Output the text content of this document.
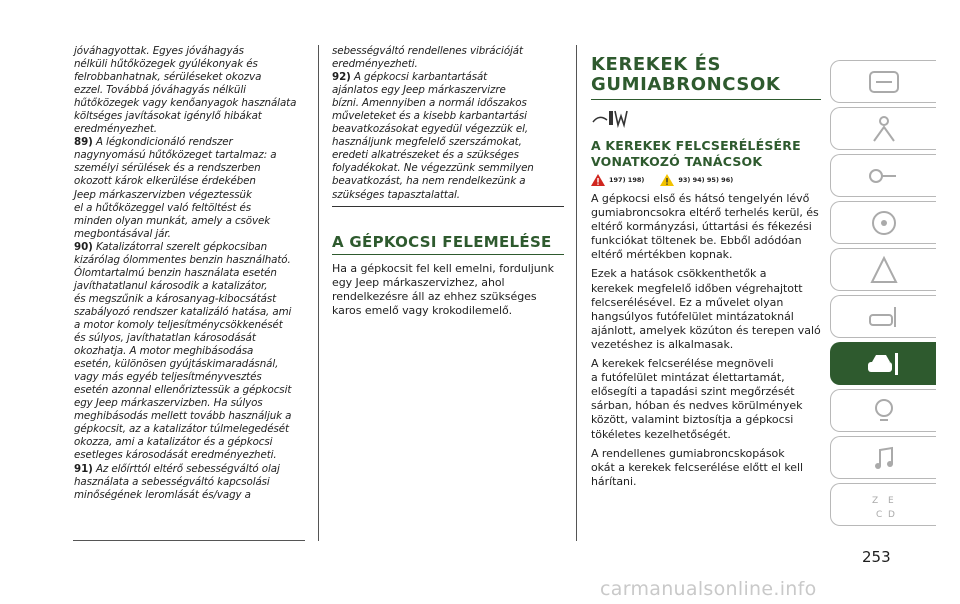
jóváhagyottak. Egyes jóváhagyás
nélküli hűtőközegek gyúlékonyak és
felrobbanhatnak, sérüléseket okozva
ezzel. Továbbá jóváhagyás nélküli
hűtőközegek vagy kenőanyagok használata
költséges javításokat igénylő hibákat
eredményezhet.
89) A légkondicionáló rendszer
nagynyomású hűtőközeget tartalmaz: a
személyi sérülések és a rendszerben
okozott károk elkerülése érdekében
Jeep márkaszervizben végeztessük
el a hűtőközeggel való feltöltést és
minden olyan munkát, amely a csövek
megbontásával jár.
90) Katalizátorral szerelt gépkocsiban
kizárólag ólommentes benzin használható.
Ólomtartalmú benzin használata esetén
javíthatatlanul károsodik a katalizátor,
és megszűnik a károsanyag-kibocsátást
szabályozó rendszer katalizáló hatása, ami
a motor komoly teljesítménycsökkenését
és súlyos, javíthatatlan károsodását
okozhatja. A motor meghibásodása
esetén, különösen gyújtáskimaradásnál,
vagy más egyéb teljesítményvesztés
esetén azonnal ellenőriztessük a gépkocsit
egy Jeep márkaszervizben. Ha súlyos
meghibásodás mellett tovább használjuk a
gépkocsit, az a katalizátor túlmelegedését
okozza, ami a katalizátor és a gépkocsi
esetleges károsodását eredményezheti.
91) Az előírttól eltérő sebességváltó olaj
használata a sebességváltó kapcsolási
minőségének leromlását és/vagy a
sebességváltó rendellenes vibrációját
eredményezheti.
92) A gépkocsi karbantartását
ajánlatos egy Jeep márkaszervizre
bízni. Amennyiben a normál időszakos
műveleteket és a kisebb karbantartási
beavatkozásokat egyedül végezzük el,
használjunk megfelelő szerszámokat,
eredeti alkatrészeket és a szükséges
folyadékokat. Ne végezzünk semmilyen
beavatkozást, ha nem rendelkezünk a
szükséges tapasztalattal.
A GÉPKOCSI FELEMELÉSE
Ha a gépkocsit fel kell emelni, forduljunk
egy Jeep márkaszervizhez, ahol
rendelkezésre áll az ehhez szükséges
karos emelő vagy krokodilemelő.
KEREKEK ÉS
GUMIABRONCSOK
A KEREKEK FELCSERÉLÉSÉRE
VONATKOZÓ TANÁCSOK
197) 198)	93) 94) 95) 96)
A gépkocsi első és hátsó tengelyén lévő
gumiabroncsokra eltérő terhelés kerül, és
eltérő kormányzási, úttartási és fékezési
funkciókat töltenek be. Ebből adódóan
eltérő mértékben kopnak.
Ezek a hatások csökkenthetők a
kerekek megfelelő időben végrehajtott
felcserélésével. Ez a művelet olyan
hangsúlyos futófelület mintázatoknál
ajánlott, amelyek közúton és terepen való
vezetéshez is alkalmasak.
A kerekek felcserélése megnöveli
a futófelület mintázat élettartamát,
elősegíti a tapadási szint megőrzését
sárban, hóban és nedves körülmények
között, valamint biztosítja a gépkocsi
tökéletes kezelhetőségét.
A rendellenes gumiabroncskopások
okát a kerekek felcserélése előtt el kell
hárítani.
Z E
C D
253
carmanualsonline.info
